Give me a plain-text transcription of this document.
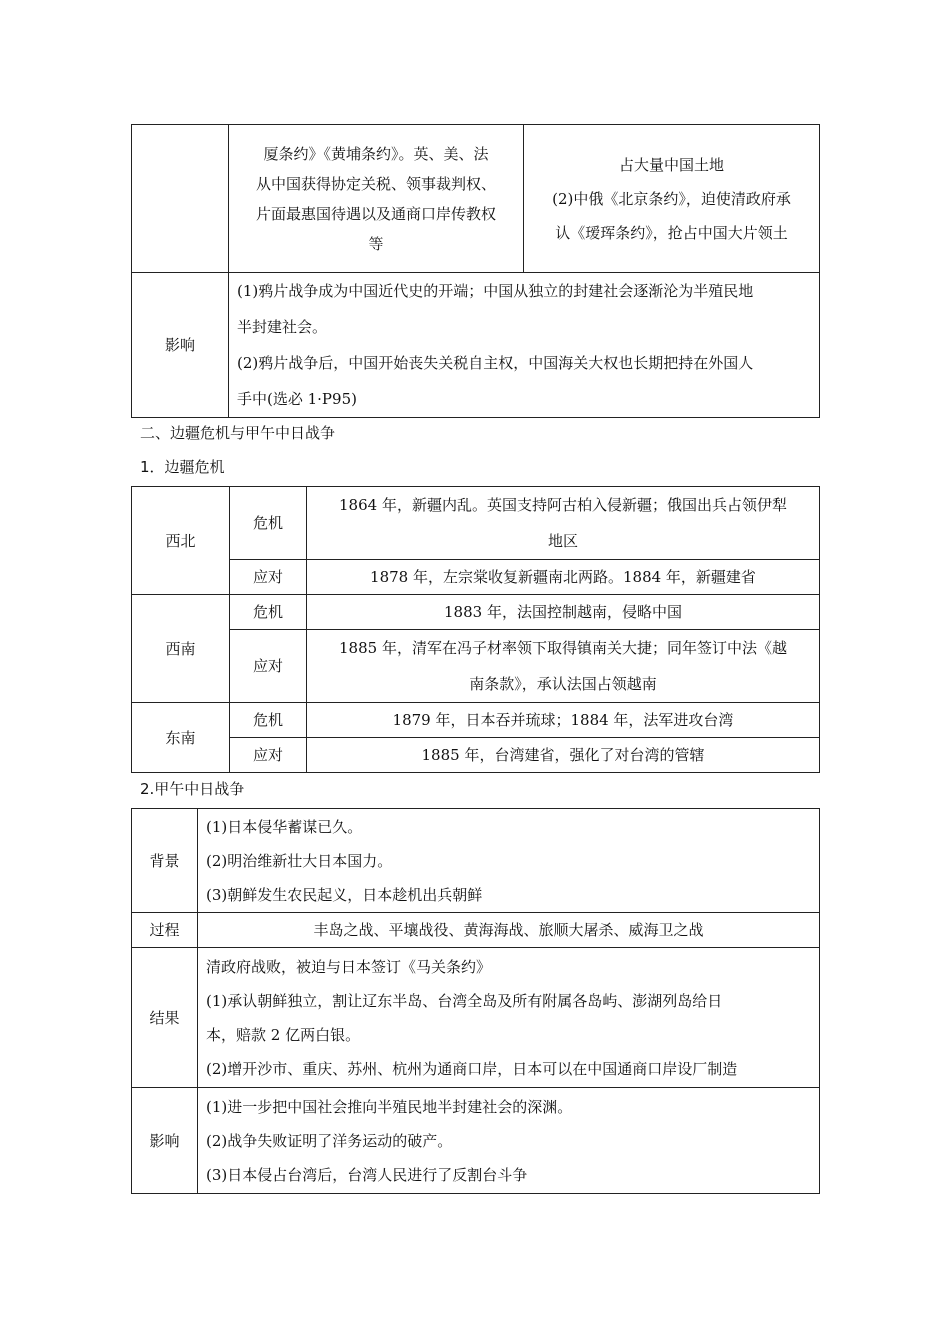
	厦条约》《黄埔条约》。英、美、法
从中国获得协定关税、领事裁判权、
片面最惠国待遇以及通商口岸传教权
等	占大量中国土地
(2)中俄《北京条约》，迫使清政府承
认《瑷珲条约》，抢占中国大片领土

影响	(1)鸦片战争成为中国近代史的开端；中国从独立的封建社会逐渐沦为半殖民地
半封建社会。
(2)鸦片战争后，中国开始丧失关税自主权，中国海关大权也长期把持在外国人
手中(选必 1·P95)	
二、边疆危机与甲午中日战争
1．边疆危机
西北	危机	1864 年，新疆内乱。英国支持阿古柏入侵新疆；俄国出兵占领伊犁
地区

	应对	1878 年，左宗棠收复新疆南北两路。1884 年，新疆建省
西南	危机	1883 年，法国控制越南，侵略中国
	应对	1885 年，清军在冯子材率领下取得镇南关大捷；同年签订中法《越
南条款》，承认法国占领越南

东南	危机	1879 年，日本吞并琉球；1884 年，法军进攻台湾
	应对	1885 年，台湾建省，强化了对台湾的管辖
2.甲午中日战争
背景	(1)日本侵华蓄谋已久。
(2)明治维新壮大日本国力。
(3)朝鲜发生农民起义，日本趁机出兵朝鲜

过程	丰岛之战、平壤战役、黄海海战、旅顺大屠杀、威海卫之战
结果	清政府战败，被迫与日本签订《马关条约》
(1)承认朝鲜独立，割让辽东半岛、台湾全岛及所有附属各岛屿、澎湖列岛给日
本，赔款 2 亿两白银。
(2)增开沙市、重庆、苏州、杭州为通商口岸，日本可以在中国通商口岸设厂制造

影响	(1)进一步把中国社会推向半殖民地半封建社会的深渊。
(2)战争失败证明了洋务运动的破产。
(3)日本侵占台湾后，台湾人民进行了反割台斗争
